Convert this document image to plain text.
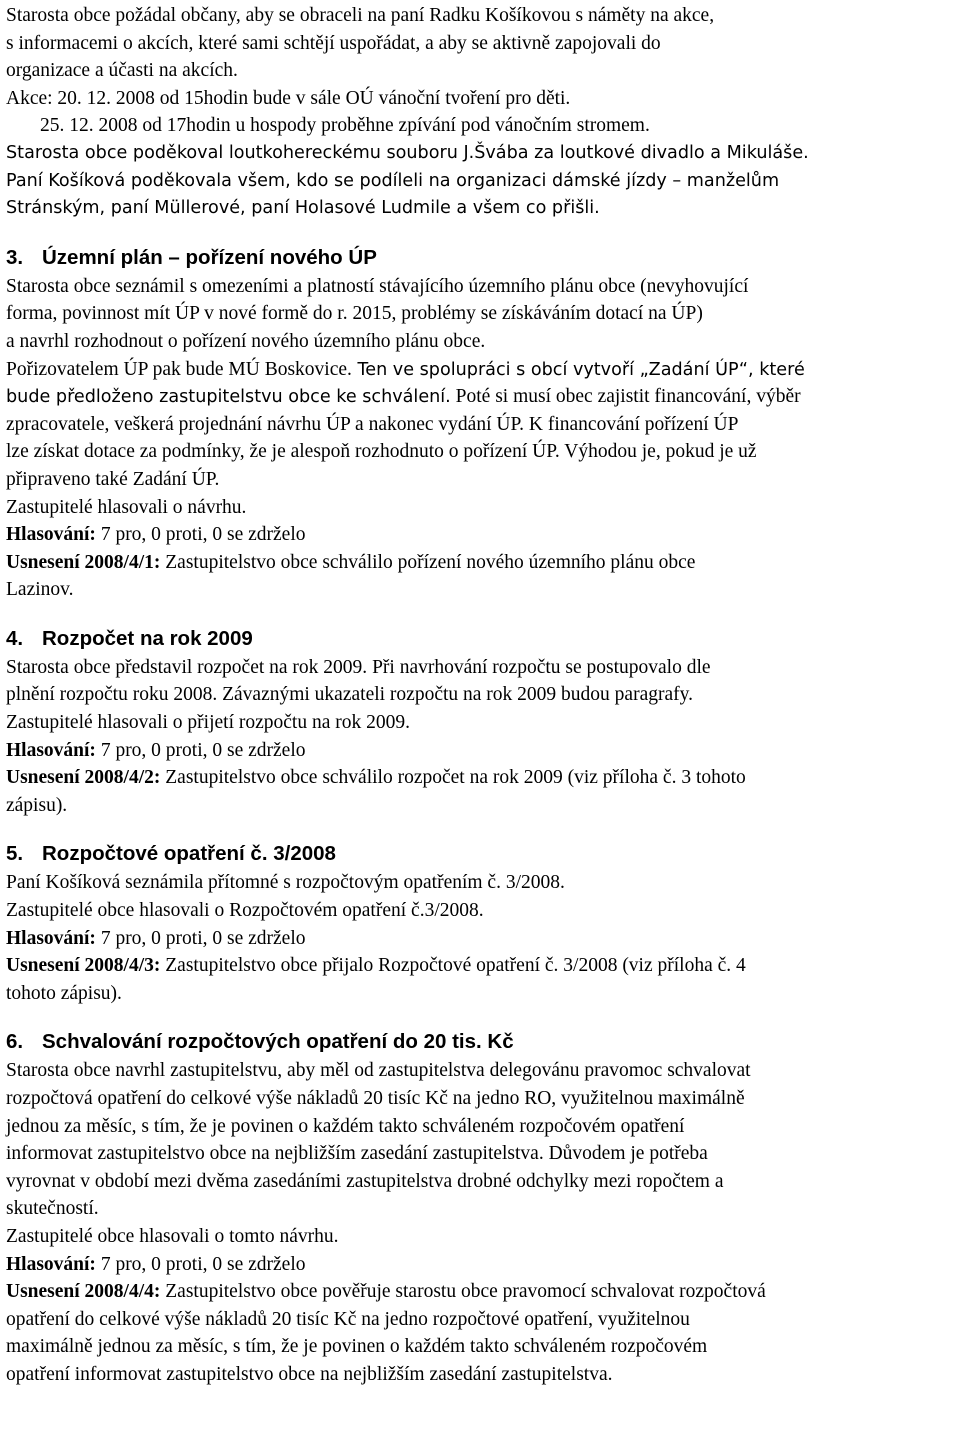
Starosta obce požádal občany, aby se obraceli na paní Radku Košíkovou s náměty na akce,
s informacemi o akcích, které sami schtějí uspořádat, a aby se aktivně zapojovali do
organizace a účasti na akcích.
Akce: 20. 12. 2008 od 15hodin bude v sále OÚ vánoční tvoření pro děti.
25. 12. 2008 od 17hodin u hospody proběhne zpívání pod vánočním stromem.
Starosta obce poděkoval loutkohereckému souboru J.Švába za loutkové divadlo a Mikuláše.
Paní Košíková poděkovala všem, kdo se podíleli na organizaci dámské jízdy – manželům
Stránským, paní Müllerové, paní Holasové Ludmile a všem co přišli.
3. Územní plán – pořízení nového ÚP
Starosta obce seznámil s omezeními a platností stávajícího územního plánu obce (nevyhovující
forma, povinnost mít ÚP v nové formě do r. 2015, problémy se získáváním dotací na ÚP)
a navrhl rozhodnout o pořízení nového územního plánu obce.
Pořizovatelem ÚP pak bude MÚ Boskovice. Ten ve spolupráci s obcí vytvoří „Zadání ÚP“, které
bude předloženo zastupitelstvu obce ke schválení. Poté si musí obec zajistit financování, výběr
zpracovatele, veškerá projednání návrhu ÚP a nakonec vydání ÚP. K financování pořízení ÚP
lze získat dotace za podmínky, že je alespoň rozhodnuto o pořízení ÚP. Výhodou je, pokud je už
připraveno také Zadání ÚP.
Zastupitelé hlasovali o návrhu.
Hlasování: 7 pro, 0 proti, 0 se zdrželo
Usnesení 2008/4/1: Zastupitelstvo obce schválilo pořízení nového územního plánu obce
Lazinov.
4. Rozpočet na rok 2009
Starosta obce představil rozpočet na rok 2009. Při navrhování rozpočtu se postupovalo dle
plnění rozpočtu roku 2008. Závaznými ukazateli rozpočtu na rok 2009 budou paragrafy.
Zastupitelé hlasovali o přijetí rozpočtu na rok 2009.
Hlasování: 7 pro, 0 proti, 0 se zdrželo
Usnesení 2008/4/2: Zastupitelstvo obce schválilo rozpočet na rok 2009 (viz příloha č. 3 tohoto
zápisu).
5. Rozpočtové opatření č. 3/2008
Paní Košíková seznámila přítomné s rozpočtovým opatřením č. 3/2008.
Zastupitelé obce hlasovali o Rozpočtovém opatření č.3/2008.
Hlasování: 7 pro, 0 proti, 0 se zdrželo
Usnesení 2008/4/3: Zastupitelstvo obce přijalo Rozpočtové opatření č. 3/2008 (viz příloha č. 4
tohoto zápisu).
6. Schvalování rozpočtových opatření do 20 tis. Kč
Starosta obce navrhl zastupitelstvu, aby měl od zastupitelstva delegovánu pravomoc schvalovat
rozpočtová opatření do celkové výše nákladů 20 tisíc Kč na jedno RO, využitelnou maximálně
jednou za měsíc, s tím, že je povinen o každém takto schváleném rozpočovém opatření
informovat zastupitelstvo obce na nejbližším zasedání zastupitelstva. Důvodem je potřeba
vyrovnat v období mezi dvěma zasedáními zastupitelstva drobné odchylky mezi ropočtem a
skutečností.
Zastupitelé obce hlasovali o tomto návrhu.
Hlasování: 7 pro, 0 proti, 0 se zdrželo
Usnesení 2008/4/4: Zastupitelstvo obce pověřuje starostu obce pravomocí schvalovat rozpočtová
opatření do celkové výše nákladů 20 tisíc Kč na jedno rozpočtové opatření, využitelnou
maximálně jednou za měsíc, s tím, že je povinen o každém takto schváleném rozpočovém
opatření informovat zastupitelstvo obce na nejbližším zasedání zastupitelstva.
